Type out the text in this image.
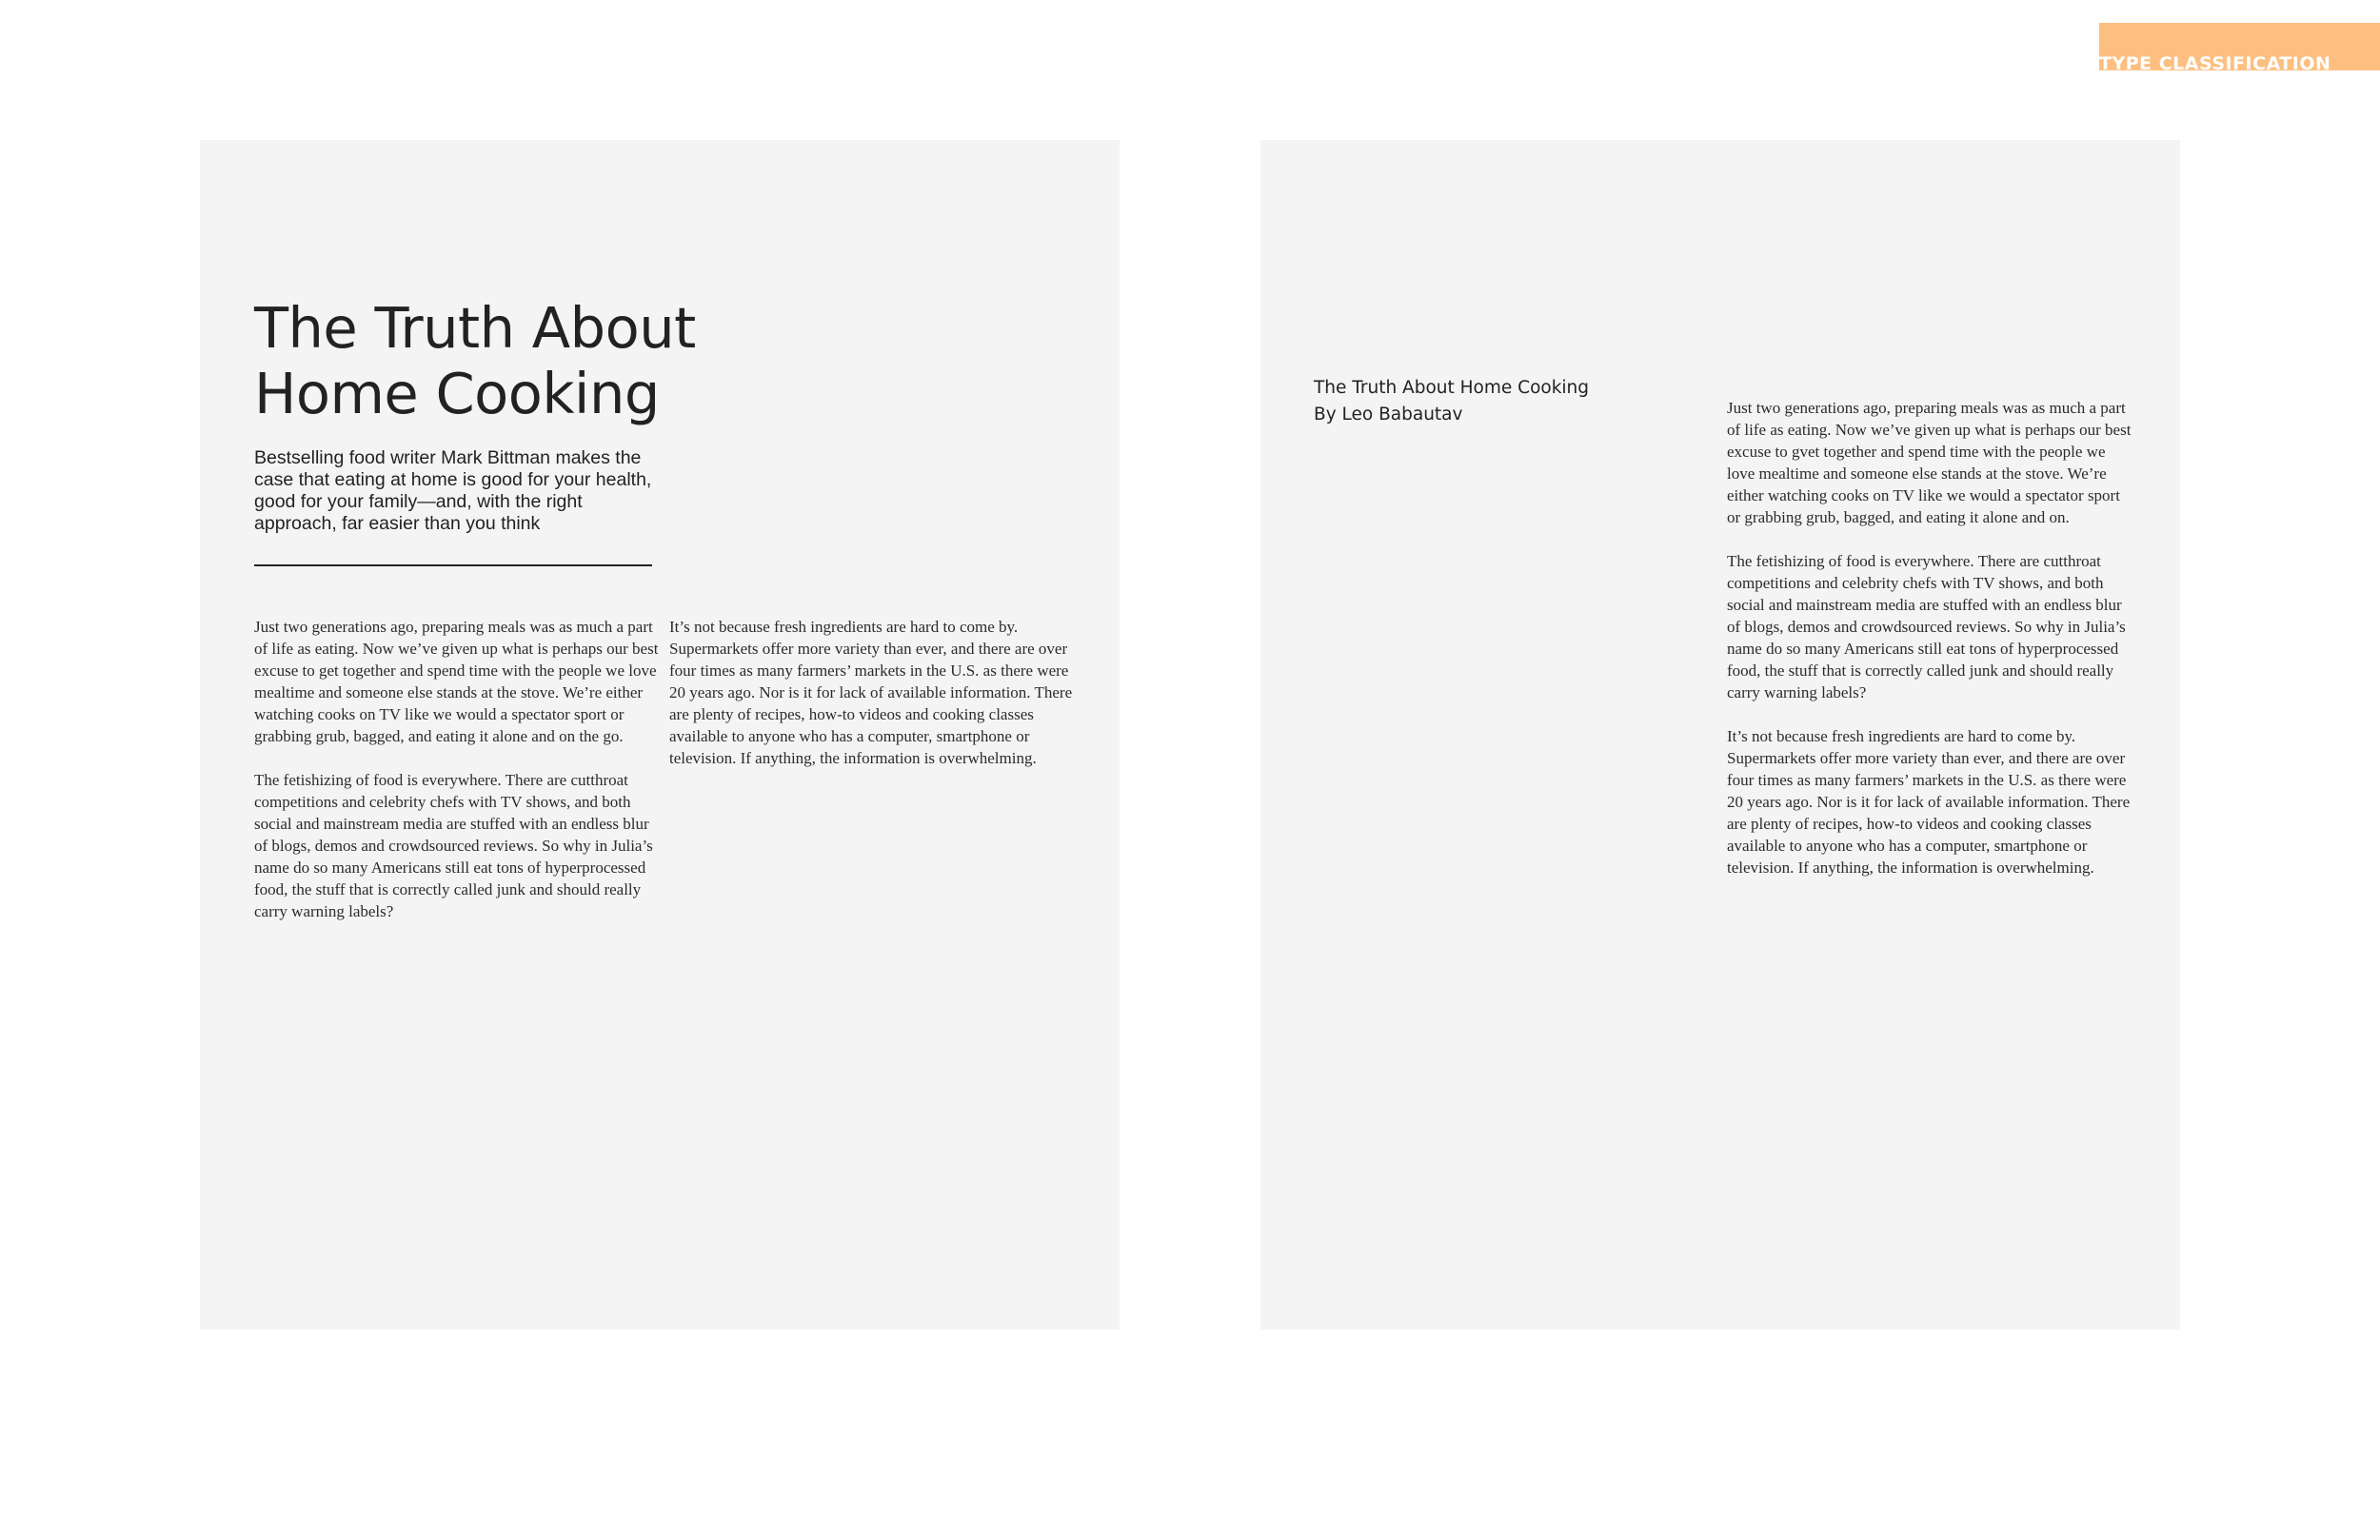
TYPE CLASSIFICATION
The Truth About
Home Cooking

Bestselling food writer Mark Bittman makes the case that eating at home is good for your health, good for your family—and, with the right approach, far easier than you think

Just two generations ago, preparing meals was as much a part of life as eating. Now we’ve given up what is perhaps our best excuse to get together and spend time with the people we love mealtime and someone else stands at the stove. We’re either watching cooks on TV like we would a spectator sport or grabbing grub, bagged, and eating it alone and on the go.

The fetishizing of food is everywhere. There are cutthroat competitions and celebrity chefs with TV shows, and both social and mainstream media are stuffed with an endless blur of blogs, demos and crowdsourced reviews. So why in Julia’s name do so many Americans still eat tons of hyperprocessed food, the stuff that is correctly called junk and should really carry warning labels?

It’s not because fresh ingredients are hard to come by. Supermarkets offer more variety than ever, and there are over four times as many farmers’ markets in the U.S. as there were 20 years ago. Nor is it for lack of available information. There are plenty of recipes, how-to videos and cooking classes available to anyone who has a computer, smartphone or television. If anything, the information is overwhelming.

The Truth About Home Cooking
By Leo Babautav	Just two generations ago, preparing meals was as much a part of life as eating. Now we’ve given up what is perhaps our best excuse to gvet together and spend time with the people we love mealtime and someone else stands at the stove. We’re either watching cooks on TV like we would a spectator sport or grabbing grub, bagged, and eating it alone and on.

The fetishizing of food is everywhere. There are cutthroat competitions and celebrity chefs with TV shows, and both social and mainstream media are stuffed with an endless blur of blogs, demos and crowdsourced reviews. So why in Julia’s name do so many Americans still eat tons of hyperprocessed food, the stuff that is correctly called junk and should really carry warning labels?

It’s not because fresh ingredients are hard to come by. Supermarkets offer more variety than ever, and there are over four times as many farmers’ markets in the U.S. as there were 20 years ago. Nor is it for lack of available information. There are plenty of recipes, how-to videos and cooking classes available to anyone who has a computer, smartphone or television. If anything, the information is overwhelming.
